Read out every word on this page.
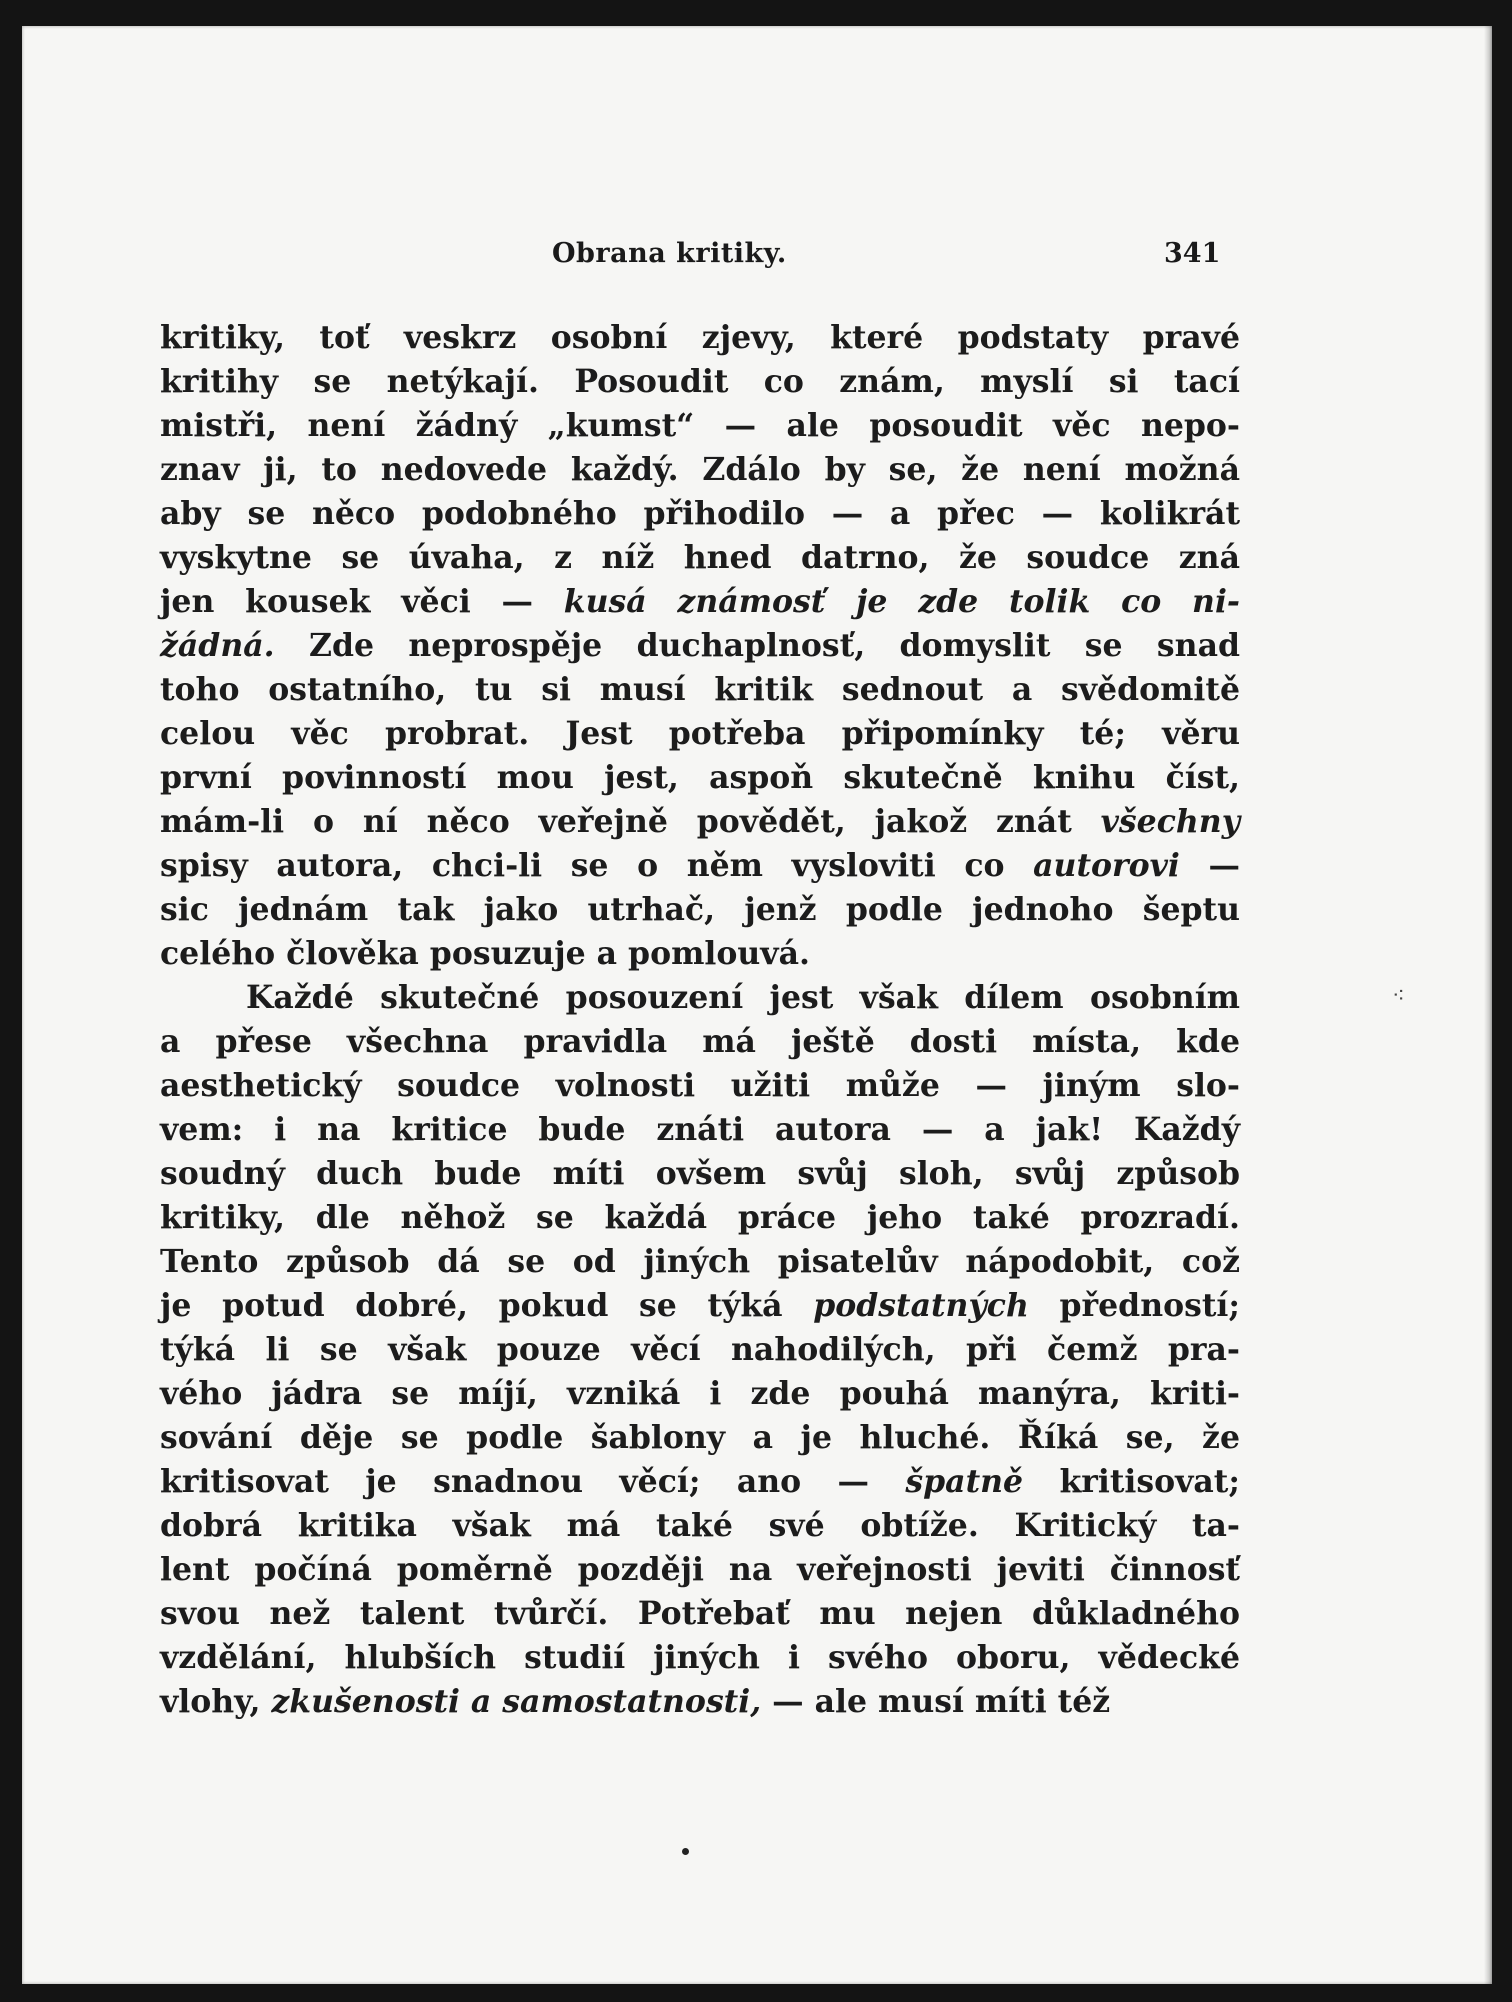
Obrana kritiky.	341
kritiky, toť veskrz osobní zjevy, které podstaty pravé
kritihy se netýkají. Posoudit co znám, myslí si tací
mistři, není žádný „kumst“ — ale posoudit věc nepo-
znav ji, to nedovede každý. Zdálo by se, že není možná
aby se něco podobného přihodilo — a přec — kolikrát
vyskytne se úvaha, z níž hned datrno, že soudce zná
jen kousek věci — kusá známosť je zde tolik co ni-
žádná. Zde neprospěje duchaplnosť, domyslit se snad
toho ostatního, tu si musí kritik sednout a svědomitě
celou věc probrat. Jest potřeba připomínky té; věru
první povinností mou jest, aspoň skutečně knihu číst,
mám-li o ní něco veřejně povědět, jakož znát všechny
spisy autora, chci-li se o něm vysloviti co autorovi —
sic jednám tak jako utrhač, jenž podle jednoho šeptu
celého člověka posuzuje a pomlouvá.
Každé skutečné posouzení jest však dílem osobním
a přese všechna pravidla má ještě dosti místa, kde
aesthetický soudce volnosti užiti může — jiným slo-
vem: i na kritice bude znáti autora — a jak! Každý
soudný duch bude míti ovšem svůj sloh, svůj způsob
kritiky, dle něhož se každá práce jeho také prozradí.
Tento způsob dá se od jiných pisatelův nápodobit, což
je potud dobré, pokud se týká podstatných předností;
týká li se však pouze věcí nahodilých, při čemž pra-
vého jádra se míjí, vzniká i zde pouhá manýra, kriti-
sování děje se podle šablony a je hluché. Říká se, že
kritisovat je snadnou věcí; ano — špatně kritisovat;
dobrá kritika však má také své obtíže. Kritický ta-
lent počíná poměrně později na veřejnosti jeviti činnosť
svou než talent tvůrčí. Potřebať mu nejen důkladného
vzdělání, hlubších studií jiných i svého oboru, vědecké
vlohy, zkušenosti a samostatnosti, — ale musí míti též
⁖
